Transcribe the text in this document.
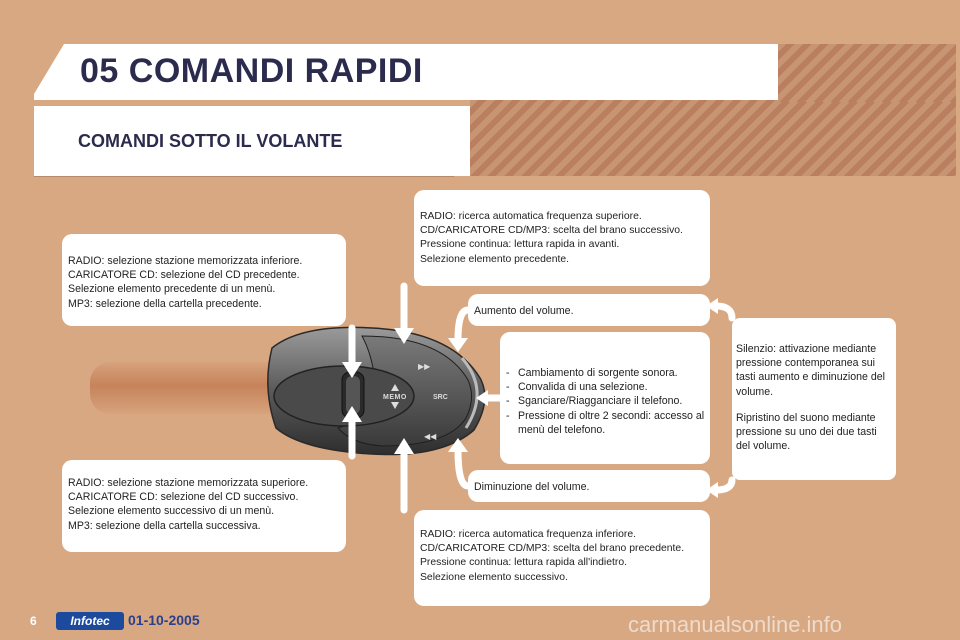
05 COMANDI RAPIDI
COMANDI SOTTO IL VOLANTE

RADIO: selezione stazione memorizzata inferiore.

CARICATORE CD: selezione del CD precedente.

Selezione elemento precedente di un menù.

MP3: selezione della cartella precedente.

RADIO: selezione stazione memorizzata superiore.

CARICATORE CD: selezione del CD successivo.

Selezione elemento successivo di un menù.

MP3: selezione della cartella successiva.

RADIO: ricerca automatica frequenza superiore.

CD/CARICATORE CD/MP3: scelta del brano successivo.

Pressione continua: lettura rapida in avanti.

Selezione elemento precedente.

Aumento del volume.

- Cambiamento di sorgente sonora.
- Convalida di una selezione.
- Sganciare/Riagganciare il telefono.
- Pressione di oltre 2 secondi: accesso al menù del telefono.

Diminuzione del volume.

RADIO: ricerca automatica frequenza inferiore.

CD/CARICATORE CD/MP3: scelta del brano precedente.

Pressione continua: lettura rapida all'indietro.

Selezione elemento successivo.

Silenzio: attivazione mediante pressione contemporanea sui tasti aumento e diminuzione del volume.

Ripristino del suono mediante pressione su uno dei due tasti del volume.

MEMO	SRC
▶▶
◀◀
6	Infotec	01-10-2005	carmanualsonline.info
